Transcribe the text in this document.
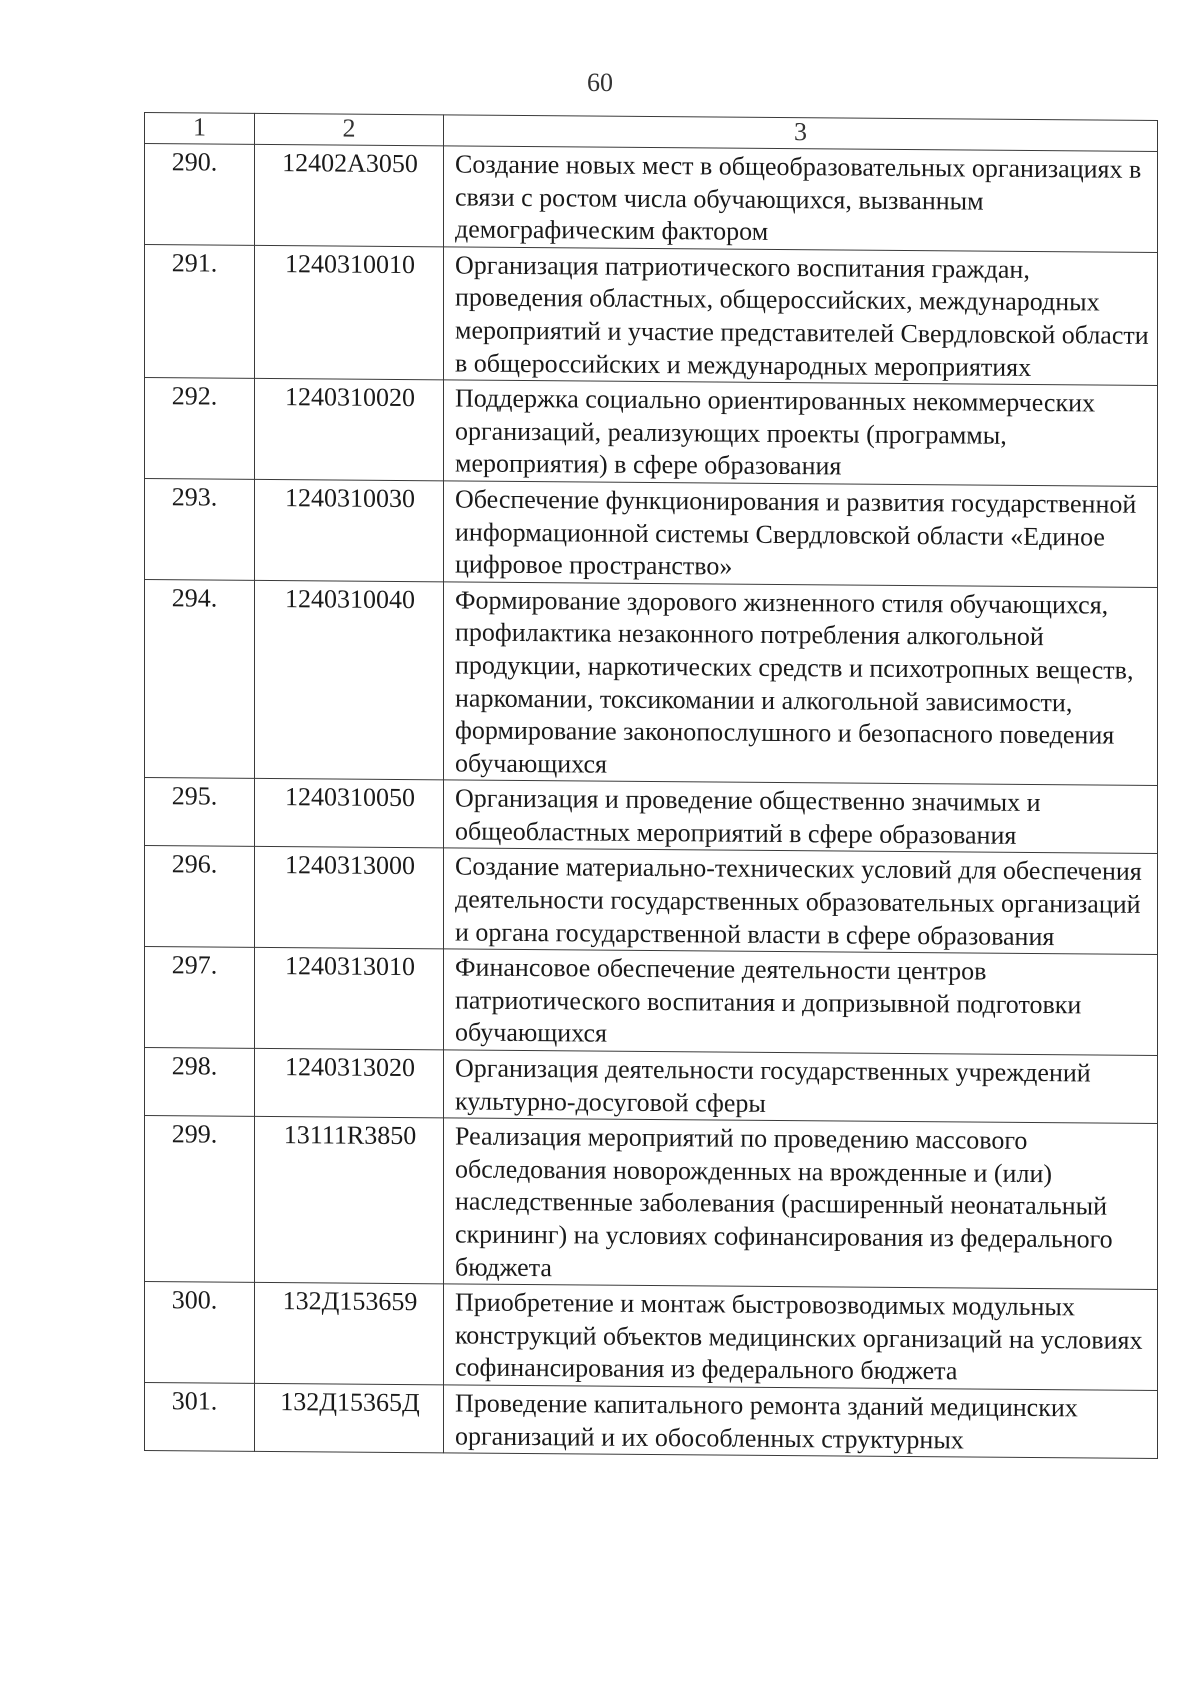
60
1	2	3
290.	12402А3050	Создание новых мест в общеобразовательных организациях в связи с ростом числа обучающихся, вызванным демографическим фактором
291.	1240310010	Организация патриотического воспитания граждан, проведения областных, общероссийских, международных мероприятий и участие представителей Свердловской области в общероссийских и международных мероприятиях
292.	1240310020	Поддержка социально ориентированных некоммерческих организаций, реализующих проекты (программы, мероприятия) в сфере образования
293.	1240310030	Обеспечение функционирования и развития государственной информационной системы Свердловской области «Единое цифровое пространство»
294.	1240310040	Формирование здорового жизненного стиля обучающихся, профилактика незаконного потребления алкогольной продукции, наркотических средств и психотропных веществ, наркомании, токсикомании и алкогольной зависимости, формирование законопослушного и безопасного поведения обучающихся
295.	1240310050	Организация и проведение общественно значимых и общеобластных мероприятий в сфере образования
296.	1240313000	Создание материально-технических условий для обеспечения деятельности государственных образовательных организаций и органа государственной власти в сфере образования
297.	1240313010	Финансовое обеспечение деятельности центров патриотического воспитания и допризывной подготовки обучающихся
298.	1240313020	Организация деятельности государственных учреждений культурно-досуговой сферы
299.	13111R3850	Реализация мероприятий по проведению массового обследования новорожденных на врожденные и (или) наследственные заболевания (расширенный неонатальный скрининг) на условиях софинансирования из федерального бюджета
300.	132Д153659	Приобретение и монтаж быстровозводимых модульных конструкций объектов медицинских организаций на условиях софинансирования из федерального бюджета
301.	132Д15365Д	Проведение капитального ремонта зданий медицинских организаций и их обособленных структурных
